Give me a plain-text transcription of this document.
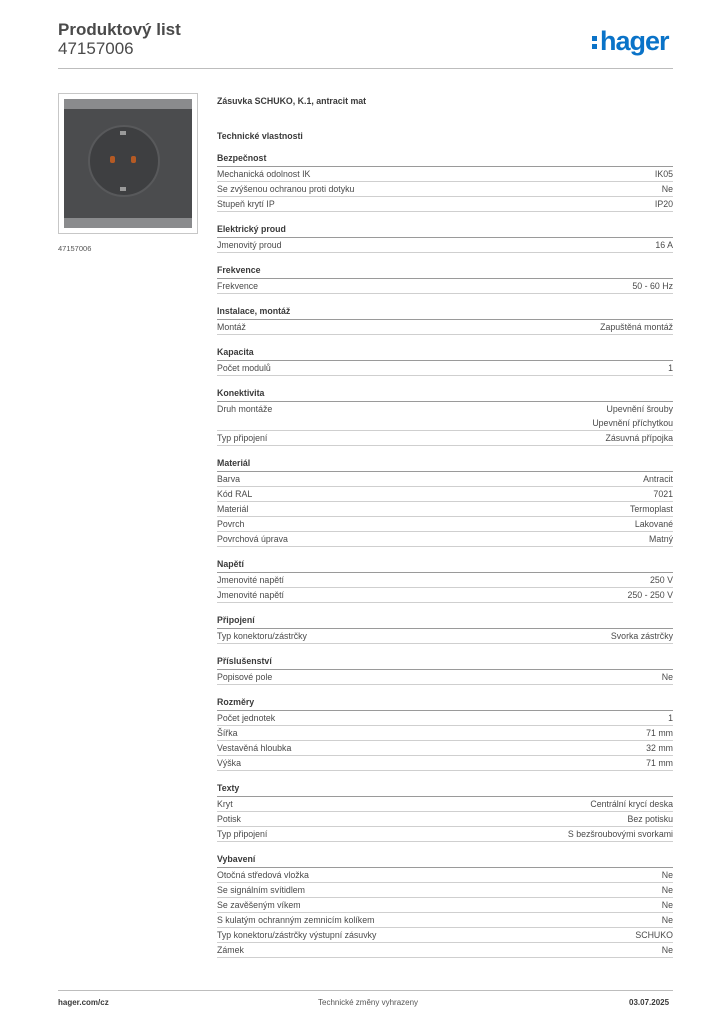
Produktový list
47157006	hager
47157006
Zásuvka SCHUKO, K.1, antracit mat
Technické vlastnosti
Bezpečnost
Mechanická odolnost IK	IK05
Se zvýšenou ochranou proti dotyku	Ne
Stupeň krytí IP	IP20
Elektrický proud
Jmenovitý proud	16 A
Frekvence
Frekvence	50 - 60 Hz
Instalace, montáž
Montáž	Zapuštěná montáž
Kapacita
Počet modulů	1
Konektivita
Druh montáže	Upevnění šrouby
Upevnění příchytkou
Typ připojení	Zásuvná přípojka
Materiál
Barva	Antracit
Kód RAL	7021
Materiál	Termoplast
Povrch	Lakované
Povrchová úprava	Matný
Napětí
Jmenovité napětí	250 V
Jmenovité napětí	250 - 250 V
Připojení
Typ konektoru/zástrčky	Svorka zástrčky
Příslušenství
Popisové pole	Ne
Rozměry
Počet jednotek	1
Šířka	71 mm
Vestavěná hloubka	32 mm
Výška	71 mm
Texty
Kryt	Centrální krycí deska
Potisk	Bez potisku
Typ připojení	S bezšroubovými svorkami
Vybavení
Otočná středová vložka	Ne
Se signálním svítidlem	Ne
Se zavěšeným víkem	Ne
S kulatým ochranným zemnicím kolíkem	Ne
Typ konektoru/zástrčky výstupní zásuvky	SCHUKO
Zámek	Ne
hager.com/cz	Technické změny vyhrazeny	03.07.2025
